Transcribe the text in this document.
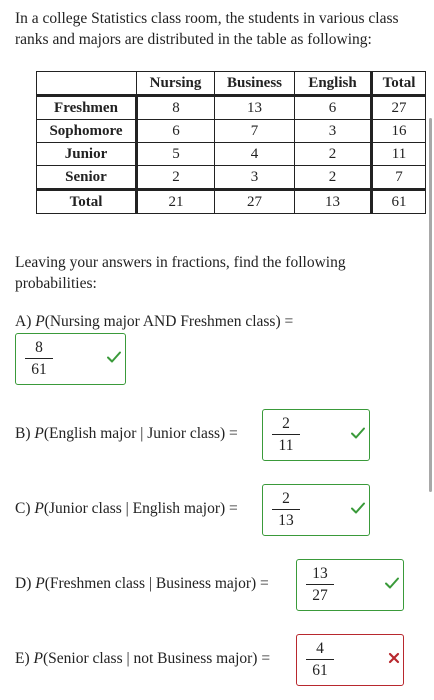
In a college Statistics class room, the students in various class ranks and majors are distributed in the table as following:
	Nursing	Business	English	Total
Freshmen	8	13	6	27
Sophomore	6	7	3	16
Junior	5	4	2	11
Senior	2	3	2	7
Total	21	27	13	61
Leaving your answers in fractions, find the following probabilities:
A) P(Nursing major AND Freshmen class) =
8
61
B) P(English major | Junior class) =
2
11
C) P(Junior class | English major) =
2
13
D) P(Freshmen class | Business major) =
13
27
E) P(Senior class | not Business major) =
4
61
